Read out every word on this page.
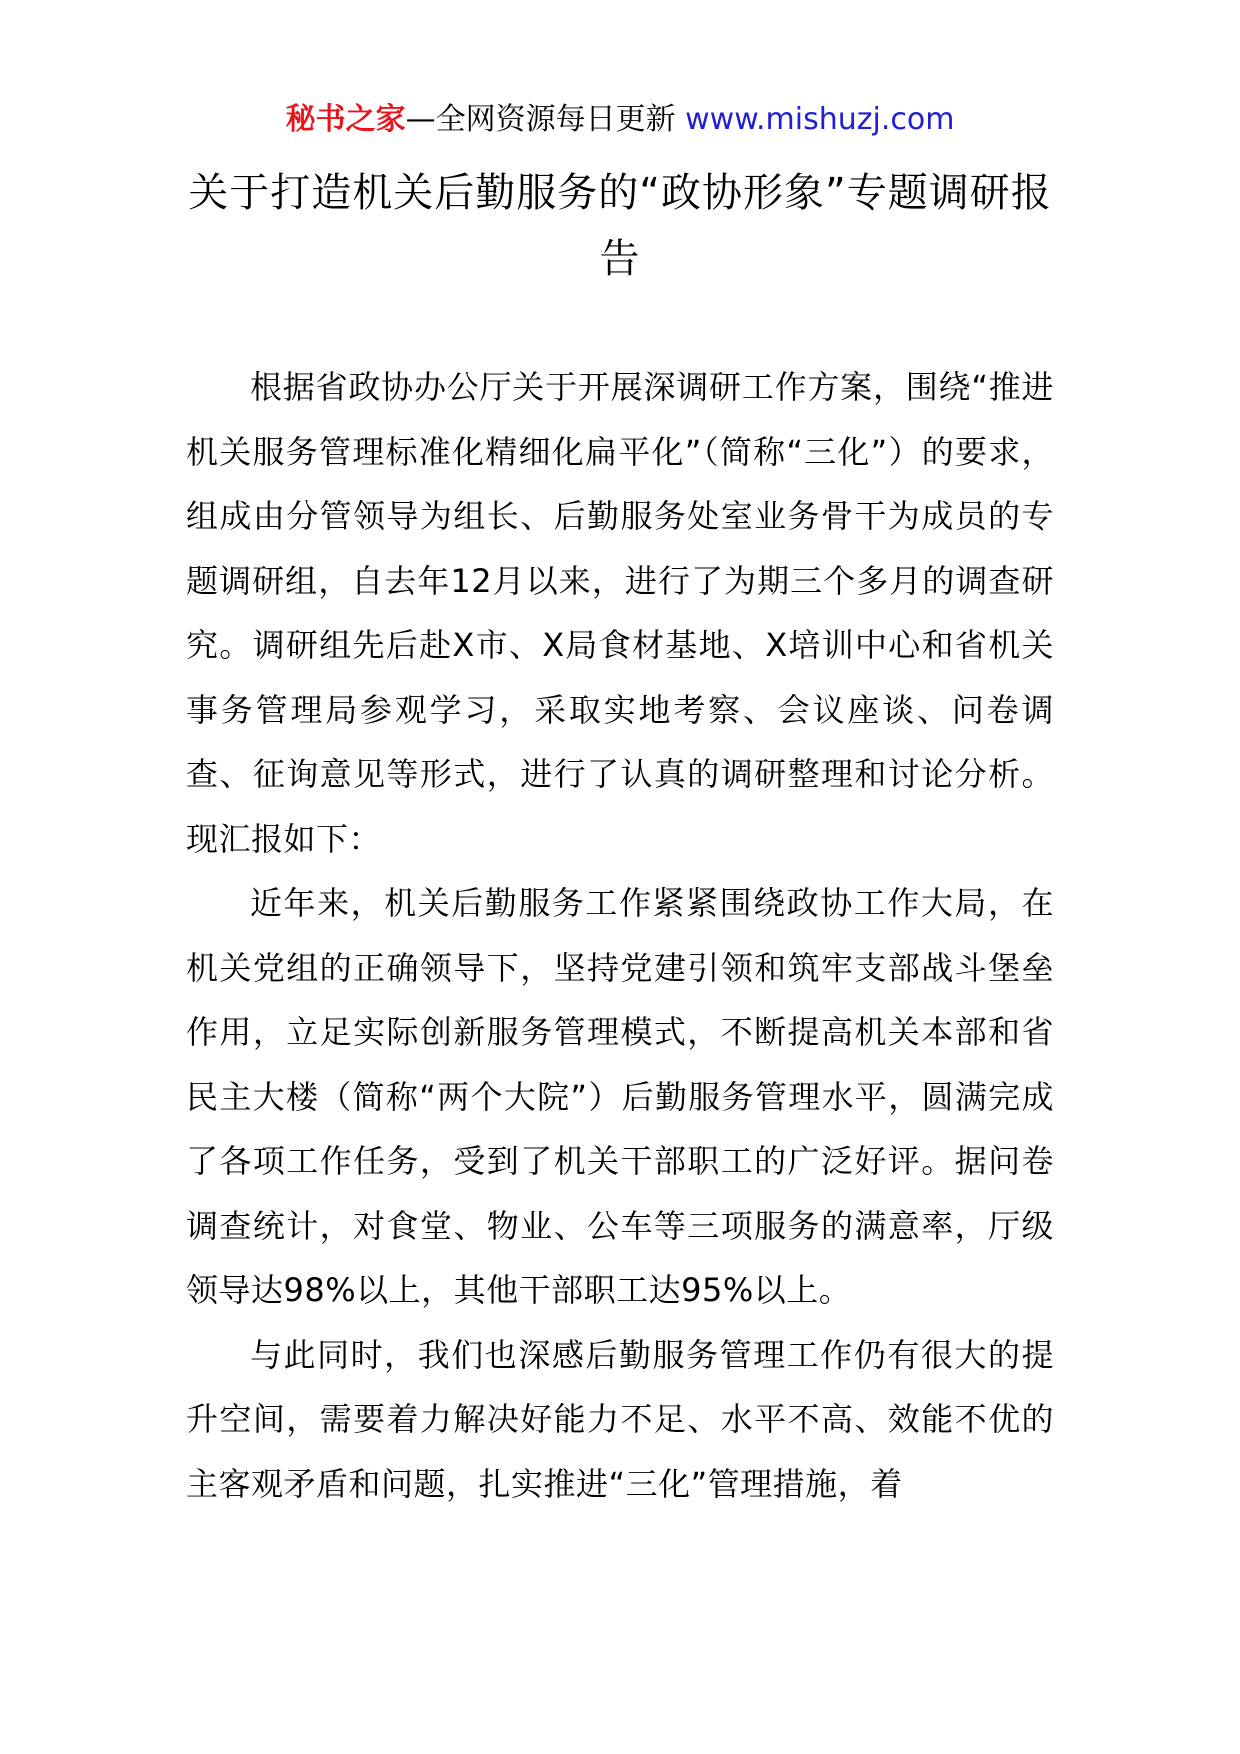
秘书之家—全网资源每日更新 www.mishuzj.com
关于打造机关后勤服务的“政协形象”专题调研报告

根据省政协办公厅关于开展深调研工作方案，围绕“推进机关服务管理标准化精细化扁平化”（简称“三化”）的要求，组成由分管领导为组长、后勤服务处室业务骨干为成员的专题调研组，自去年12月以来，进行了为期三个多月的调查研究。调研组先后赴X市、X局食材基地、X培训中心和省机关事务管理局参观学习，采取实地考察、会议座谈、问卷调查、征询意见等形式，进行了认真的调研整理和讨论分析。现汇报如下：

近年来，机关后勤服务工作紧紧围绕政协工作大局，在机关党组的正确领导下，坚持党建引领和筑牢支部战斗堡垒作用，立足实际创新服务管理模式，不断提高机关本部和省民主大楼（简称“两个大院”）后勤服务管理水平，圆满完成了各项工作任务，受到了机关干部职工的广泛好评。据问卷调查统计，对食堂、物业、公车等三项服务的满意率，厅级领导达98%以上，其他干部职工达95%以上。

与此同时，我们也深感后勤服务管理工作仍有很大的提升空间，需要着力解决好能力不足、水平不高、效能不优的主客观矛盾和问题，扎实推进“三化”管理措施，着
